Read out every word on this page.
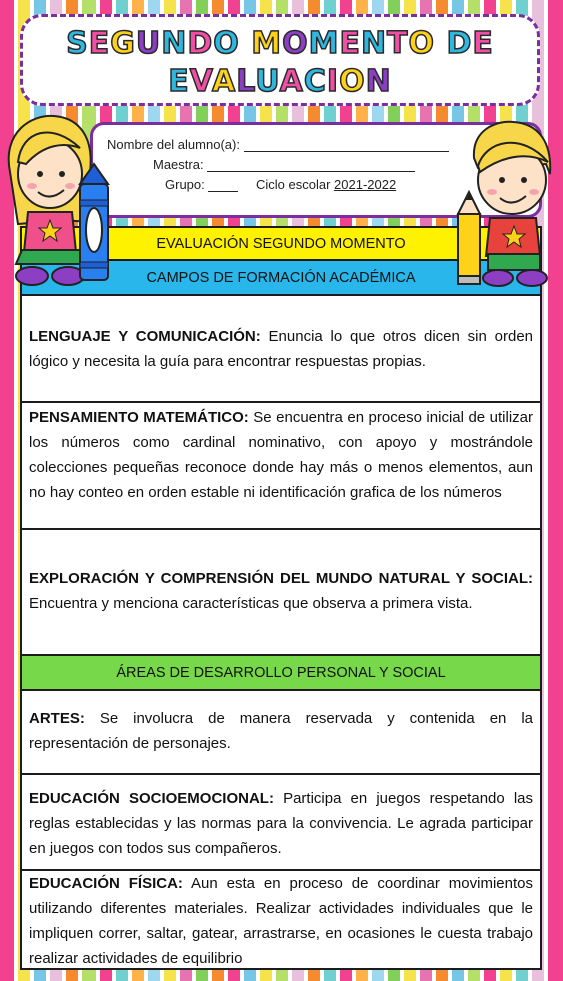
SEGUNDO MOMENTO DE

EVALUACION

Nombre del alumno(a):
Maestra:
Grupo:	Ciclo escolar 2021-2022
EVALUACIÓN SEGUNDO MOMENTO
CAMPOS DE FORMACIÓN ACADÉMICA
LENGUAJE Y COMUNICACIÓN: Enuncia lo que otros dicen sin orden lógico y necesita la guía para encontrar respuestas propias.
PENSAMIENTO MATEMÁTICO: Se encuentra en proceso inicial de utilizar los números como cardinal nominativo, con apoyo y mostrándole colecciones pequeñas reconoce donde hay más o menos elementos, aun no hay conteo en orden estable ni identificación grafica de los números
EXPLORACIÓN Y COMPRENSIÓN DEL MUNDO NATURAL Y SOCIAL: Encuentra y menciona características que observa a primera vista.
ÁREAS DE DESARROLLO PERSONAL Y SOCIAL
ARTES: Se involucra de manera reservada y contenida en la representación de personajes.
EDUCACIÓN SOCIOEMOCIONAL: Participa en juegos respetando las reglas establecidas y las normas para la convivencia. Le agrada participar en juegos con todos sus compañeros.
EDUCACIÓN FÍSICA: Aun esta en proceso de coordinar movimientos utilizando diferentes materiales. Realizar actividades individuales que le impliquen correr, saltar, gatear, arrastrarse, en ocasiones le cuesta trabajo realizar actividades de equilibrio
